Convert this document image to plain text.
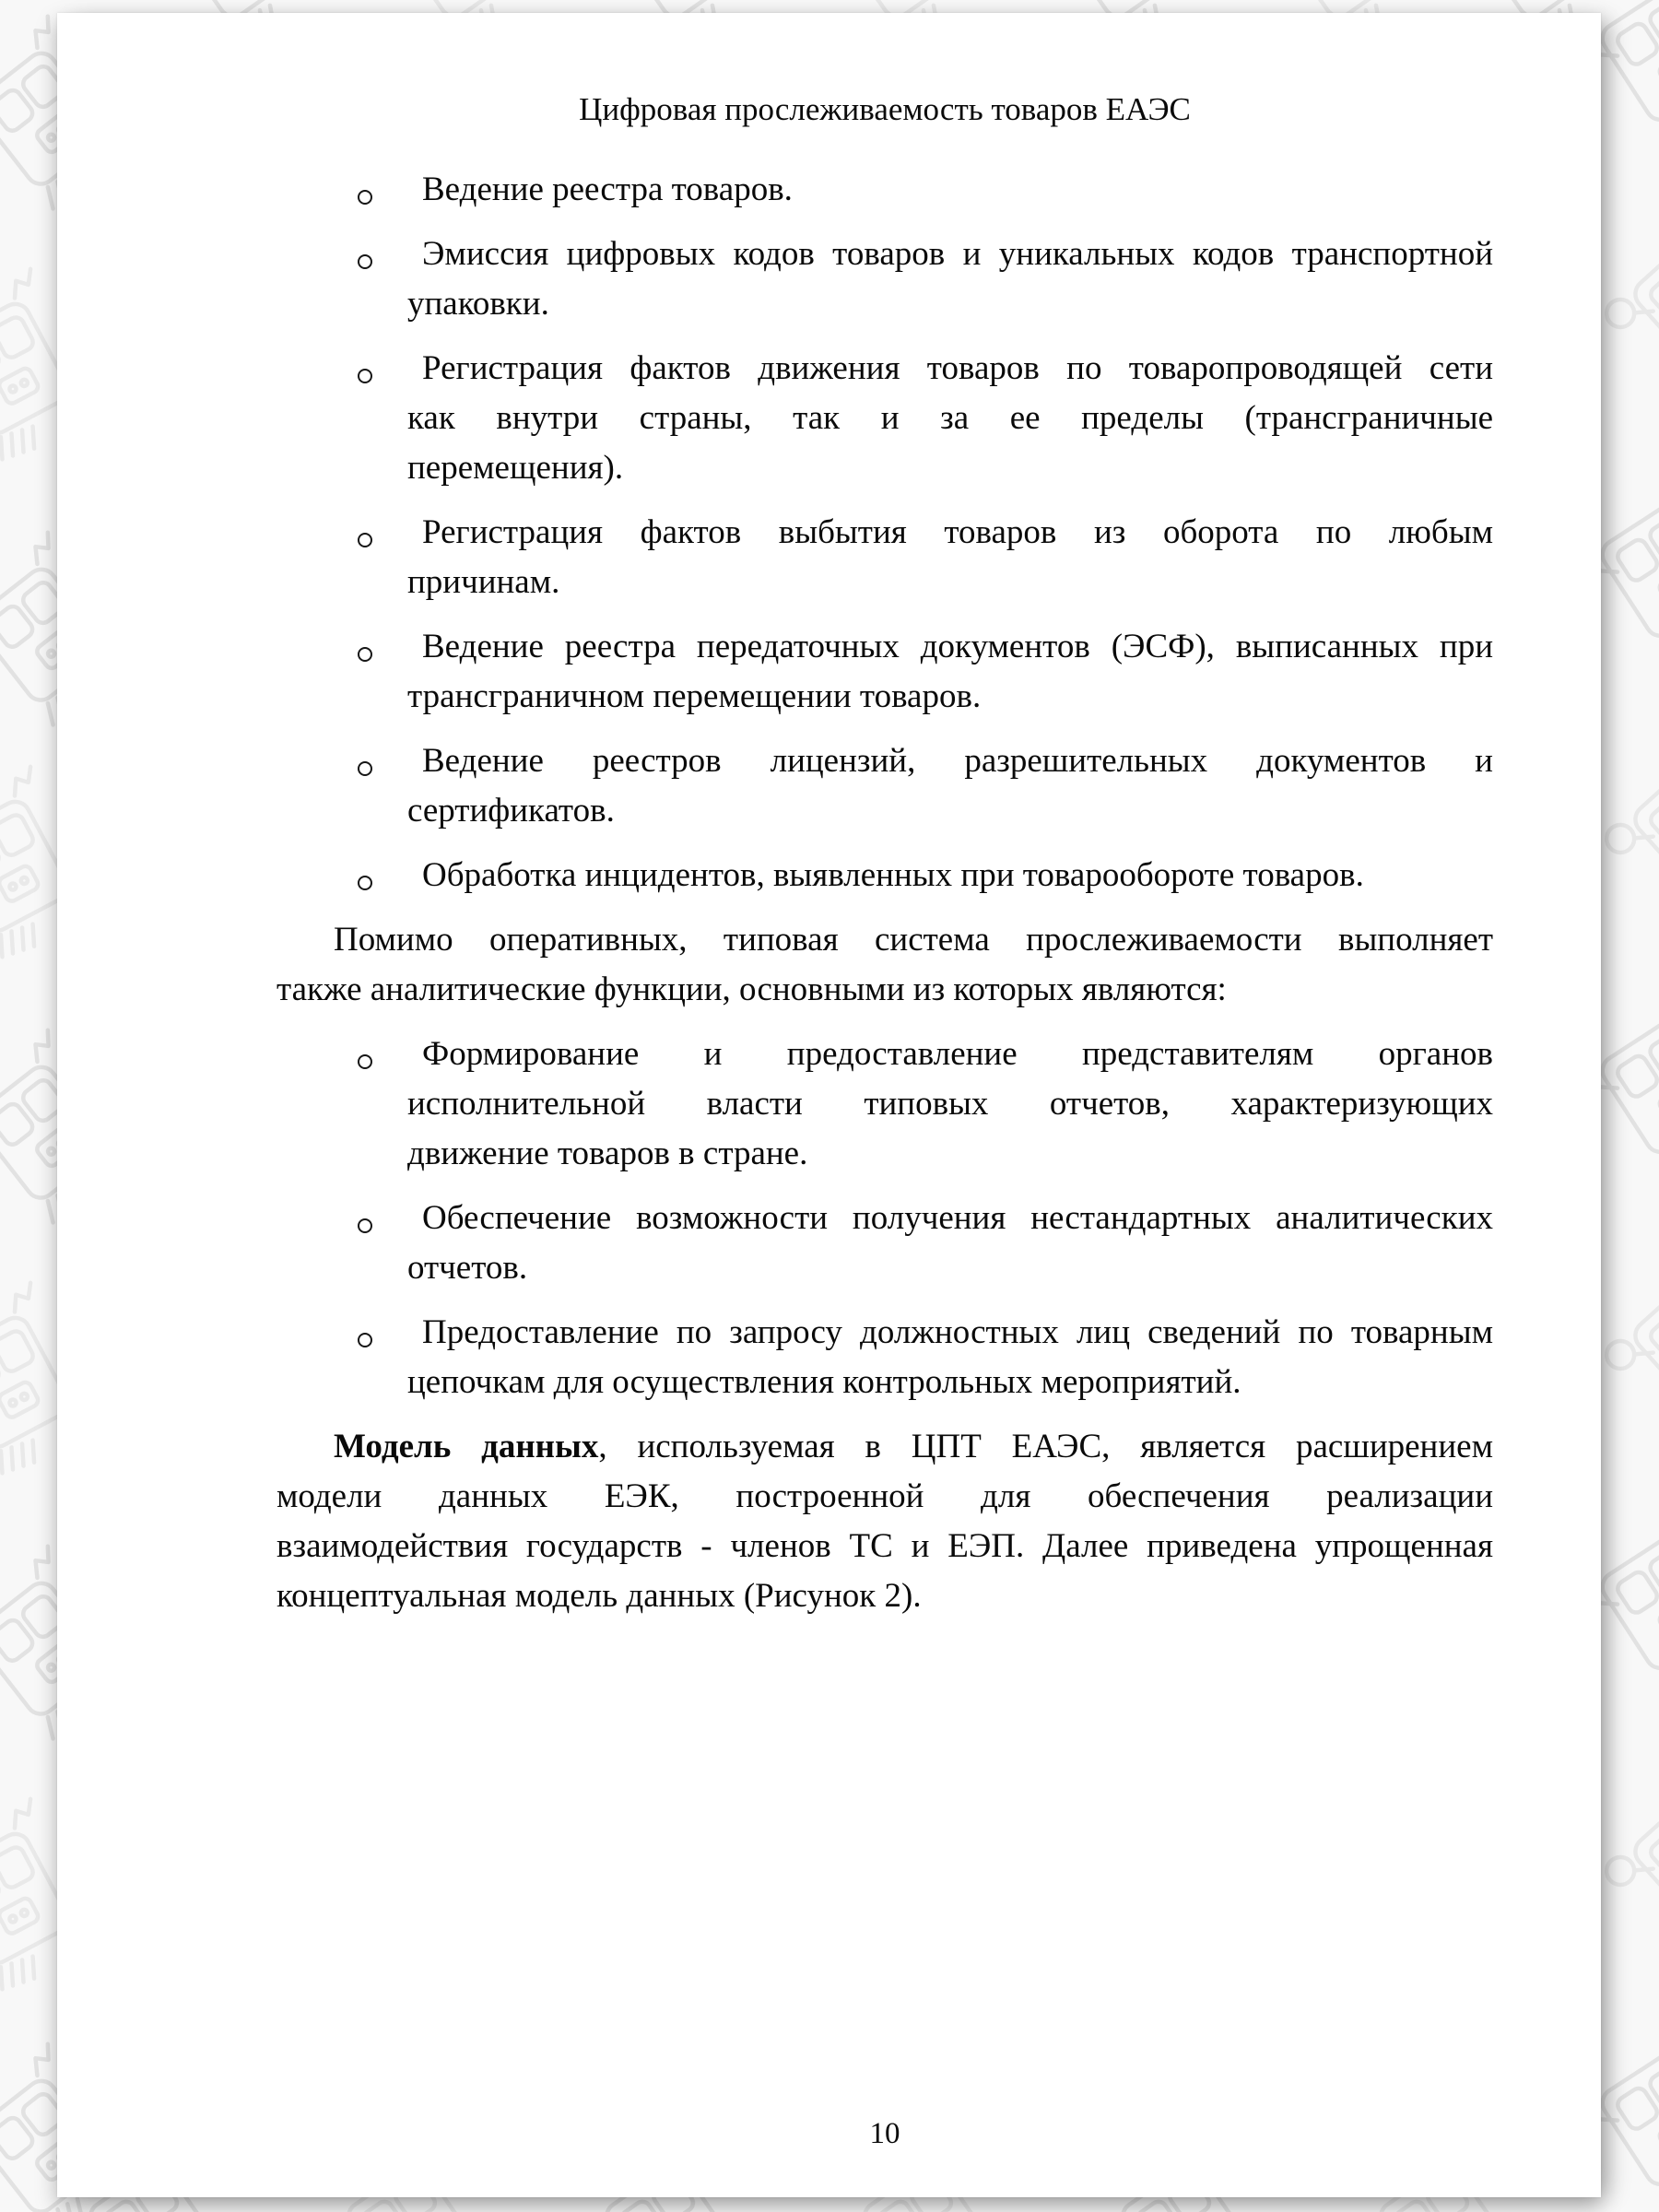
Цифровая прослеживаемость товаров ЕАЭС
Ведение реестра товаров.
Эмиссия цифровых кодов товаров и уникальных кодов транспортной
упаковки.
Регистрация фактов движения товаров по товаропроводящей сети
как внутри страны, так и за ее пределы (трансграничные
перемещения).
Регистрация фактов выбытия товаров из оборота по любым
причинам.
Ведение реестра передаточных документов (ЭСФ), выписанных при
трансграничном перемещении товаров.
Ведение реестров лицензий, разрешительных документов и
сертификатов.
Обработка инцидентов, выявленных при товарообороте товаров.
Помимо оперативных, типовая система прослеживаемости выполняет
также аналитические функции, основными из которых являются:
Формирование и предоставление представителям органов
исполнительной власти типовых отчетов, характеризующих
движение товаров в стране.
Обеспечение возможности получения нестандартных аналитических
отчетов.
Предоставление по запросу должностных лиц сведений по товарным
цепочкам для осуществления контрольных мероприятий.
Модель данных, используемая в ЦПТ ЕАЭС, является расширением
модели данных ЕЭК, построенной для обеспечения реализации
взаимодействия государств - членов ТС и ЕЭП. Далее приведена упрощенная
концептуальная модель данных (Рисунок 2).
10
